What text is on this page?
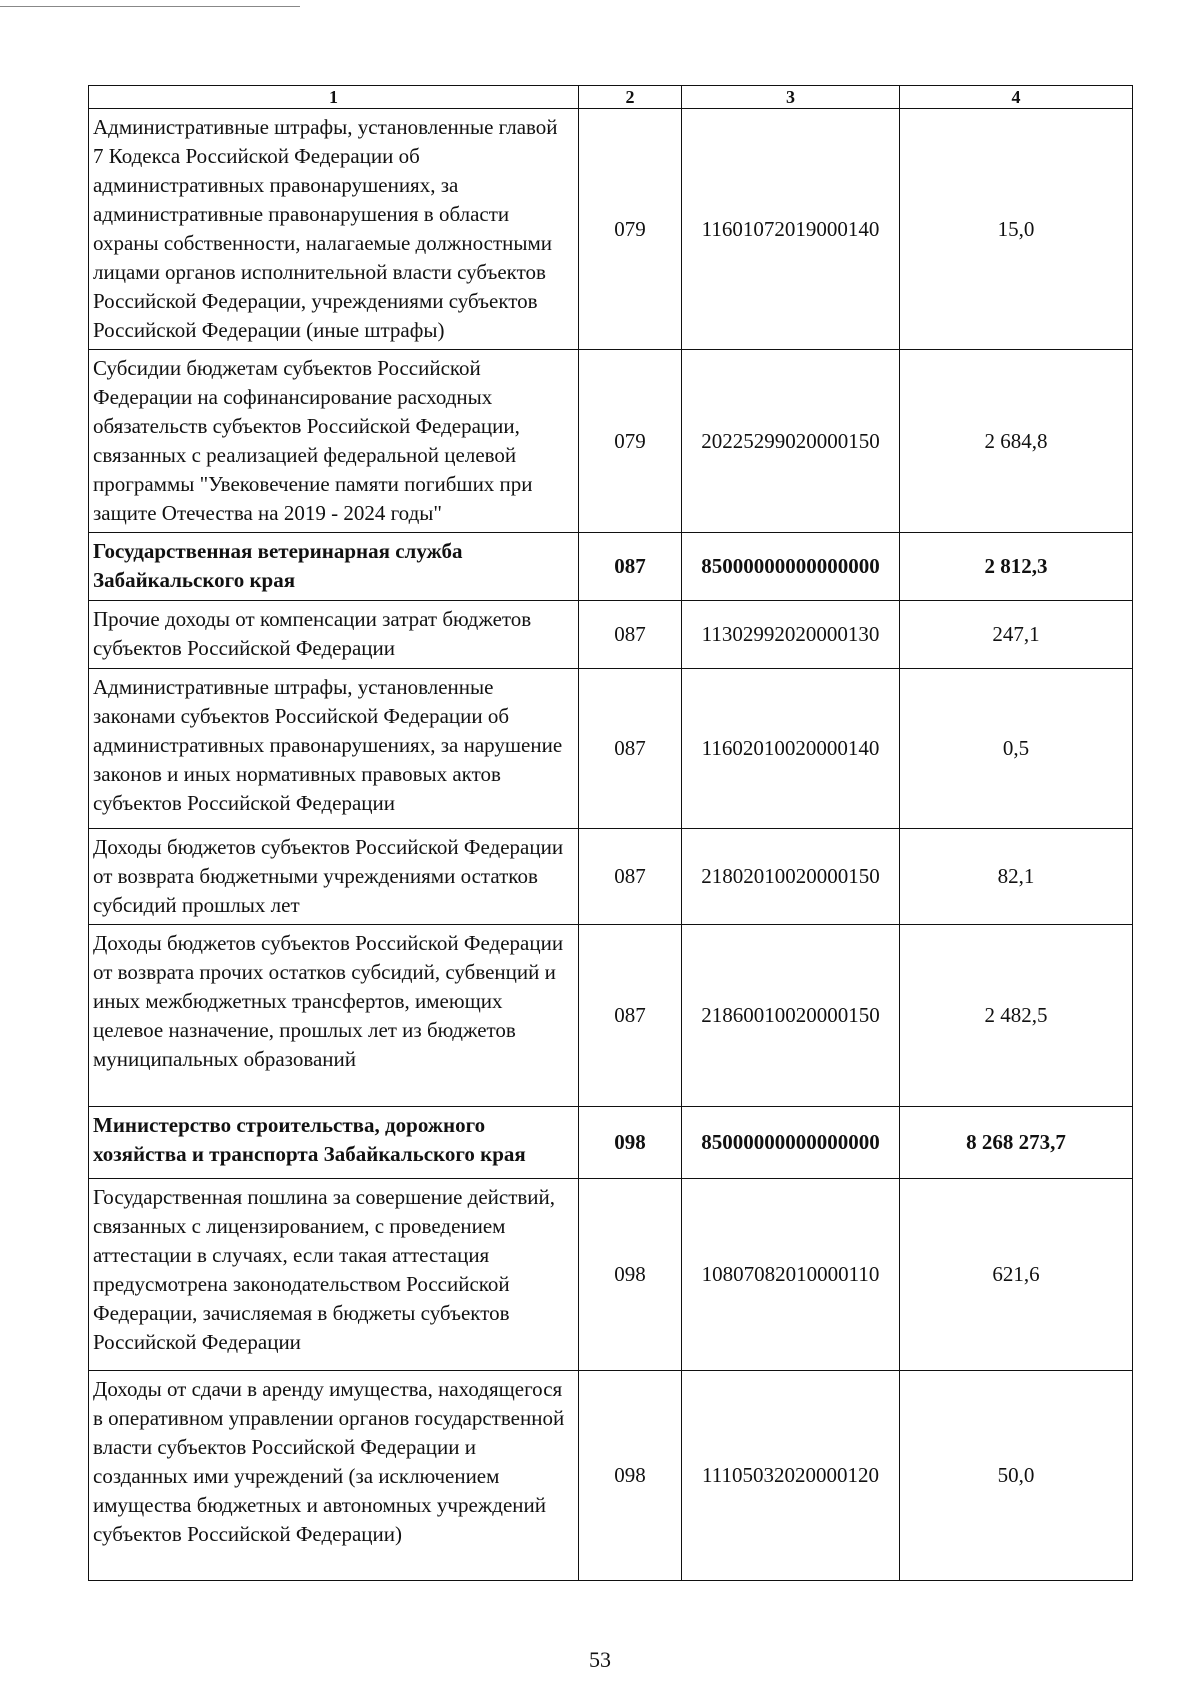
1	2	3	4
Административные штрафы, установленные главой 7 Кодекса Российской Федерации об административных правонарушениях, за административные правонарушения в области охраны собственности, налагаемые должностными лицами органов исполнительной власти субъектов Российской Федерации, учреждениями субъектов Российской Федерации (иные штрафы)	079	11601072019000140	15,0
Субсидии бюджетам субъектов Российской Федерации на софинансирование расходных обязательств субъектов Российской Федерации, связанных с реализацией федеральной целевой программы "Увековечение памяти погибших при защите Отечества на 2019 - 2024 годы"	079	20225299020000150	2 684,8
Государственная ветеринарная служба Забайкальского края	087	85000000000000000	2 812,3
Прочие доходы от компенсации затрат бюджетов субъектов Российской Федерации	087	11302992020000130	247,1
Административные штрафы, установленные законами субъектов Российской Федерации об административных правонарушениях, за нарушение законов и иных нормативных правовых актов субъектов Российской Федерации	087	11602010020000140	0,5
Доходы бюджетов субъектов Российской Федерации от возврата бюджетными учреждениями остатков субсидий прошлых лет	087	21802010020000150	82,1
Доходы бюджетов субъектов Российской Федерации от возврата прочих остатков субсидий, субвенций и иных межбюджетных трансфертов, имеющих целевое назначение, прошлых лет из бюджетов муниципальных образований	087	21860010020000150	2 482,5
Министерство строительства, дорожного хозяйства и транспорта Забайкальского края	098	85000000000000000	8 268 273,7
Государственная пошлина за совершение действий, связанных с лицензированием, с проведением аттестации в случаях, если такая аттестация предусмотрена законодательством Российской Федерации, зачисляемая в бюджеты субъектов Российской Федерации	098	10807082010000110	621,6
Доходы от сдачи в аренду имущества, находящегося в оперативном управлении органов государственной власти субъектов Российской Федерации и созданных ими учреждений (за исключением имущества бюджетных и автономных учреждений субъектов Российской Федерации)	098	11105032020000120	50,0
53
